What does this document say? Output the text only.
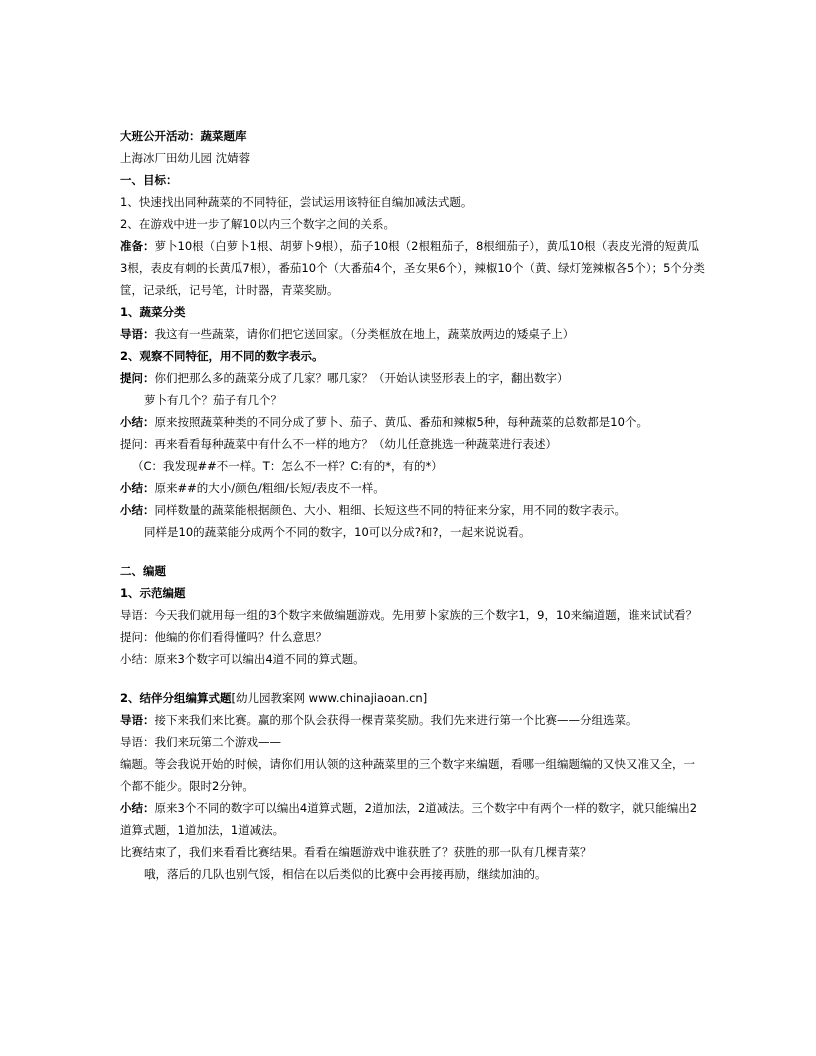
大班公开活动：蔬菜题库
上海冰厂田幼儿园 沈婧蓉
一、目标：
1、快速找出同种蔬菜的不同特征，尝试运用该特征自编加减法式题。
2、在游戏中进一步了解10以内三个数字之间的关系。
准备：萝卜10根（白萝卜1根、胡萝卜9根），茄子10根（2根粗茄子，8根细茄子），黄瓜10根（表皮光滑的短黄瓜3根，表皮有刺的长黄瓜7根），番茄10个（大番茄4个，圣女果6个），辣椒10个（黄、绿灯笼辣椒各5个）；5个分类筐，记录纸，记号笔，计时器，青菜奖励。
1、蔬菜分类
导语：我这有一些蔬菜，请你们把它送回家。（分类框放在地上，蔬菜放两边的矮桌子上）
2、观察不同特征，用不同的数字表示。
提问：你们把那么多的蔬菜分成了几家？哪几家？（开始认读竖形表上的字，翻出数字）
萝卜有几个？茄子有几个？
小结：原来按照蔬菜种类的不同分成了萝卜、茄子、黄瓜、番茄和辣椒5种，每种蔬菜的总数都是10个。
提问：再来看看每种蔬菜中有什么不一样的地方？（幼儿任意挑选一种蔬菜进行表述）
（C：我发现##不一样。T：怎么不一样？C:有的*，有的*）
小结：原来##的大小/颜色/粗细/长短/表皮不一样。
小结：同样数量的蔬菜能根据颜色、大小、粗细、长短这些不同的特征来分家，用不同的数字表示。
同样是10的蔬菜能分成两个不同的数字，10可以分成?和?，一起来说说看。
二、编题
1、示范编题
导语：今天我们就用每一组的3个数字来做编题游戏。先用萝卜家族的三个数字1，9，10来编道题，谁来试试看？
提问：他编的你们看得懂吗？什么意思？
小结：原来3个数字可以编出4道不同的算式题。
2、结伴分组编算式题[幼儿园教案网 www.chinajiaoan.cn]
导语：接下来我们来比赛。赢的那个队会获得一棵青菜奖励。我们先来进行第一个比赛——分组选菜。
导语：我们来玩第二个游戏——
编题。等会我说开始的时候，请你们用认领的这种蔬菜里的三个数字来编题，看哪一组编题编的又快又准又全，一个都不能少。限时2分钟。
小结：原来3个不同的数字可以编出4道算式题，2道加法，2道减法。三个数字中有两个一样的数字，就只能编出2道算式题，1道加法，1道减法。
比赛结束了，我们来看看比赛结果。看看在编题游戏中谁获胜了？获胜的那一队有几棵青菜？
哦，落后的几队也别气馁，相信在以后类似的比赛中会再接再励，继续加油的。
